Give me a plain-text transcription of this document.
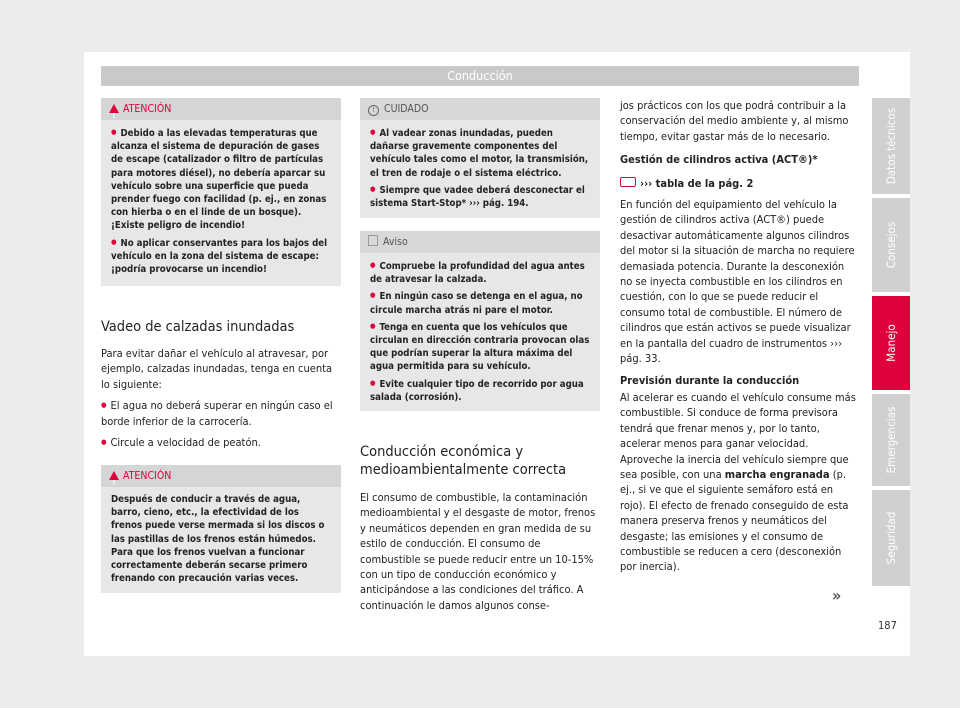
Conducción
!ATENCIÓN

● Debido a las elevadas temperaturas que alcanza el sistema de depuración de gases de escape (catalizador o filtro de partículas para motores diésel), no debería aparcar su vehículo sobre una superficie que pueda prender fuego con facilidad (p. ej., en zonas con hierba o en el linde de un bosque). ¡Existe peligro de incendio!

● No aplicar conservantes para los bajos del vehículo en la zona del sistema de escape: ¡podría provocarse un incendio!

Vadeo de calzadas inundadas

Para evitar dañar el vehículo al atravesar, por ejemplo, calzadas inundadas, tenga en cuenta lo siguiente:

● El agua no deberá superar en ningún caso el borde inferior de la carrocería.

● Circule a velocidad de peatón.

!ATENCIÓN

Después de conducir a través de agua, barro, cieno, etc., la efectividad de los frenos puede verse mermada si los discos o las pastillas de los frenos están húmedos. Para que los frenos vuelvan a funcionar correctamente deberán secarse primero frenando con precaución varias veces.

! CUIDADO

● Al vadear zonas inundadas, pueden dañarse gravemente componentes del vehículo tales como el motor, la transmisión, el tren de rodaje o el sistema eléctrico.

● Siempre que vadee deberá desconectar el sistema Start-Stop* ››› pág. 194.

Aviso

● Compruebe la profundidad del agua antes de atravesar la calzada.

● En ningún caso se detenga en el agua, no circule marcha atrás ni pare el motor.

● Tenga en cuenta que los vehículos que circulan en dirección contraria provocan olas que podrían superar la altura máxima del agua permitida para su vehículo.

● Evite cualquier tipo de recorrido por agua salada (corrosión).

Conducción económica y medioambientalmente correcta

El consumo de combustible, la contaminación medioambiental y el desgaste de motor, frenos y neumáticos dependen en gran medida de su estilo de conducción. El consumo de combustible se puede reducir entre un 10-15% con un tipo de conducción económico y anticipándose a las condiciones del tráfico. A continuación le damos algunos conse-

jos prácticos con los que podrá contribuir a la conservación del medio ambiente y, al mismo tiempo, evitar gastar más de lo necesario.

Gestión de cilindros activa (ACT®)*

››› tabla de la pág. 2

En función del equipamiento del vehículo la gestión de cilindros activa (ACT®) puede desactivar automáticamente algunos cilindros del motor si la situación de marcha no requiere demasiada potencia. Durante la desconexión no se inyecta combustible en los cilindros en cuestión, con lo que se puede reducir el consumo total de combustible. El número de cilindros que están activos se puede visualizar en la pantalla del cuadro de instrumentos ››› pág. 33.

Previsión durante la conducción

Al acelerar es cuando el vehículo consume más combustible. Si conduce de forma previsora tendrá que frenar menos y, por lo tanto, acelerar menos para ganar velocidad. Aproveche la inercia del vehículo siempre que sea posible, con una marcha engranada (p. ej., si ve que el siguiente semáforo está en rojo). El efecto de frenado conseguido de esta manera preserva frenos y neumáticos del desgaste; las emisiones y el consumo de combustible se reducen a cero (desconexión por inercia).

»
Datos técnicos
Consejos
Manejo
Emergencias
Seguridad
187
